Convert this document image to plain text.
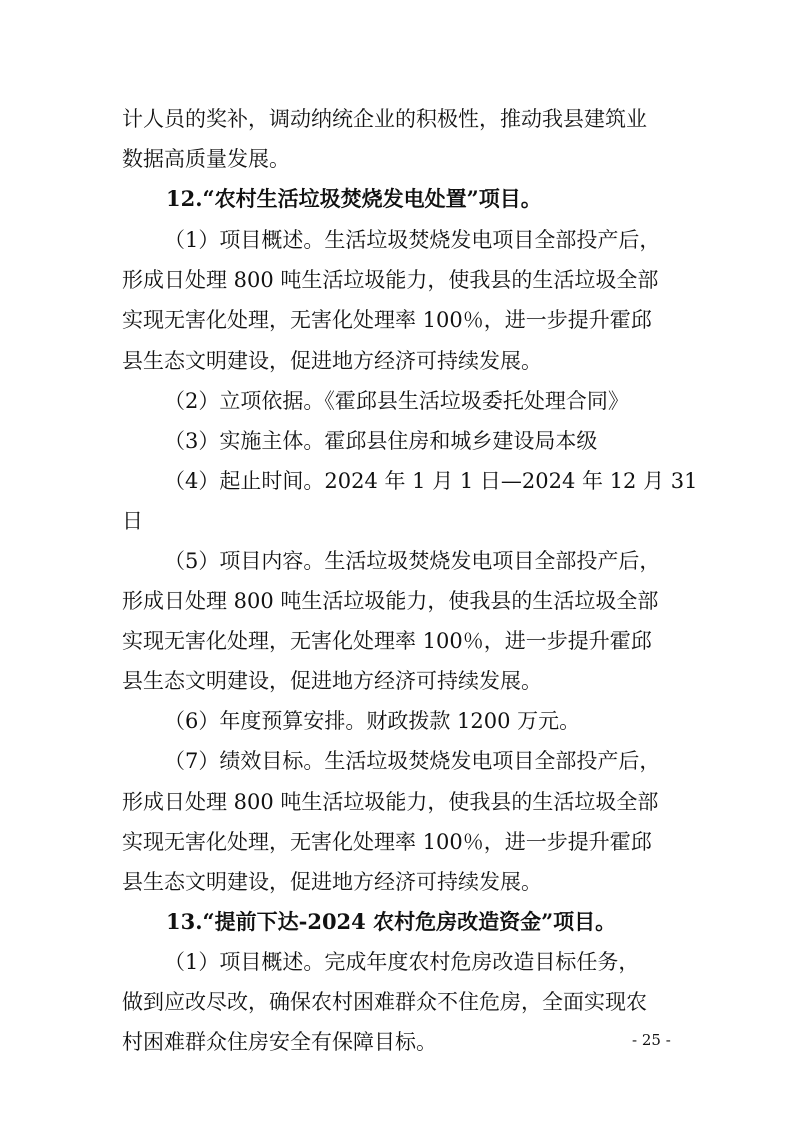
计人员的奖补，调动纳统企业的积极性，推动我县建筑业
数据高质量发展。
12.“农村生活垃圾焚烧发电处置”项目。
（1）项目概述。生活垃圾焚烧发电项目全部投产后，
形成日处理 800 吨生活垃圾能力，使我县的生活垃圾全部
实现无害化处理，无害化处理率 100％，进一步提升霍邱
县生态文明建设，促进地方经济可持续发展。
（2）立项依据。《霍邱县生活垃圾委托处理合同》
（3）实施主体。霍邱县住房和城乡建设局本级
（4）起止时间。2024 年 1 月 1 日—2024 年 12 月 31
日
（5）项目内容。生活垃圾焚烧发电项目全部投产后，
形成日处理 800 吨生活垃圾能力，使我县的生活垃圾全部
实现无害化处理，无害化处理率 100％，进一步提升霍邱
县生态文明建设，促进地方经济可持续发展。
（6）年度预算安排。财政拨款 1200 万元。
（7）绩效目标。生活垃圾焚烧发电项目全部投产后，
形成日处理 800 吨生活垃圾能力，使我县的生活垃圾全部
实现无害化处理，无害化处理率 100％，进一步提升霍邱
县生态文明建设，促进地方经济可持续发展。
13.“提前下达-2024 农村危房改造资金”项目。
（1）项目概述。完成年度农村危房改造目标任务，
做到应改尽改，确保农村困难群众不住危房，全面实现农
村困难群众住房安全有保障目标。	- 25 -
